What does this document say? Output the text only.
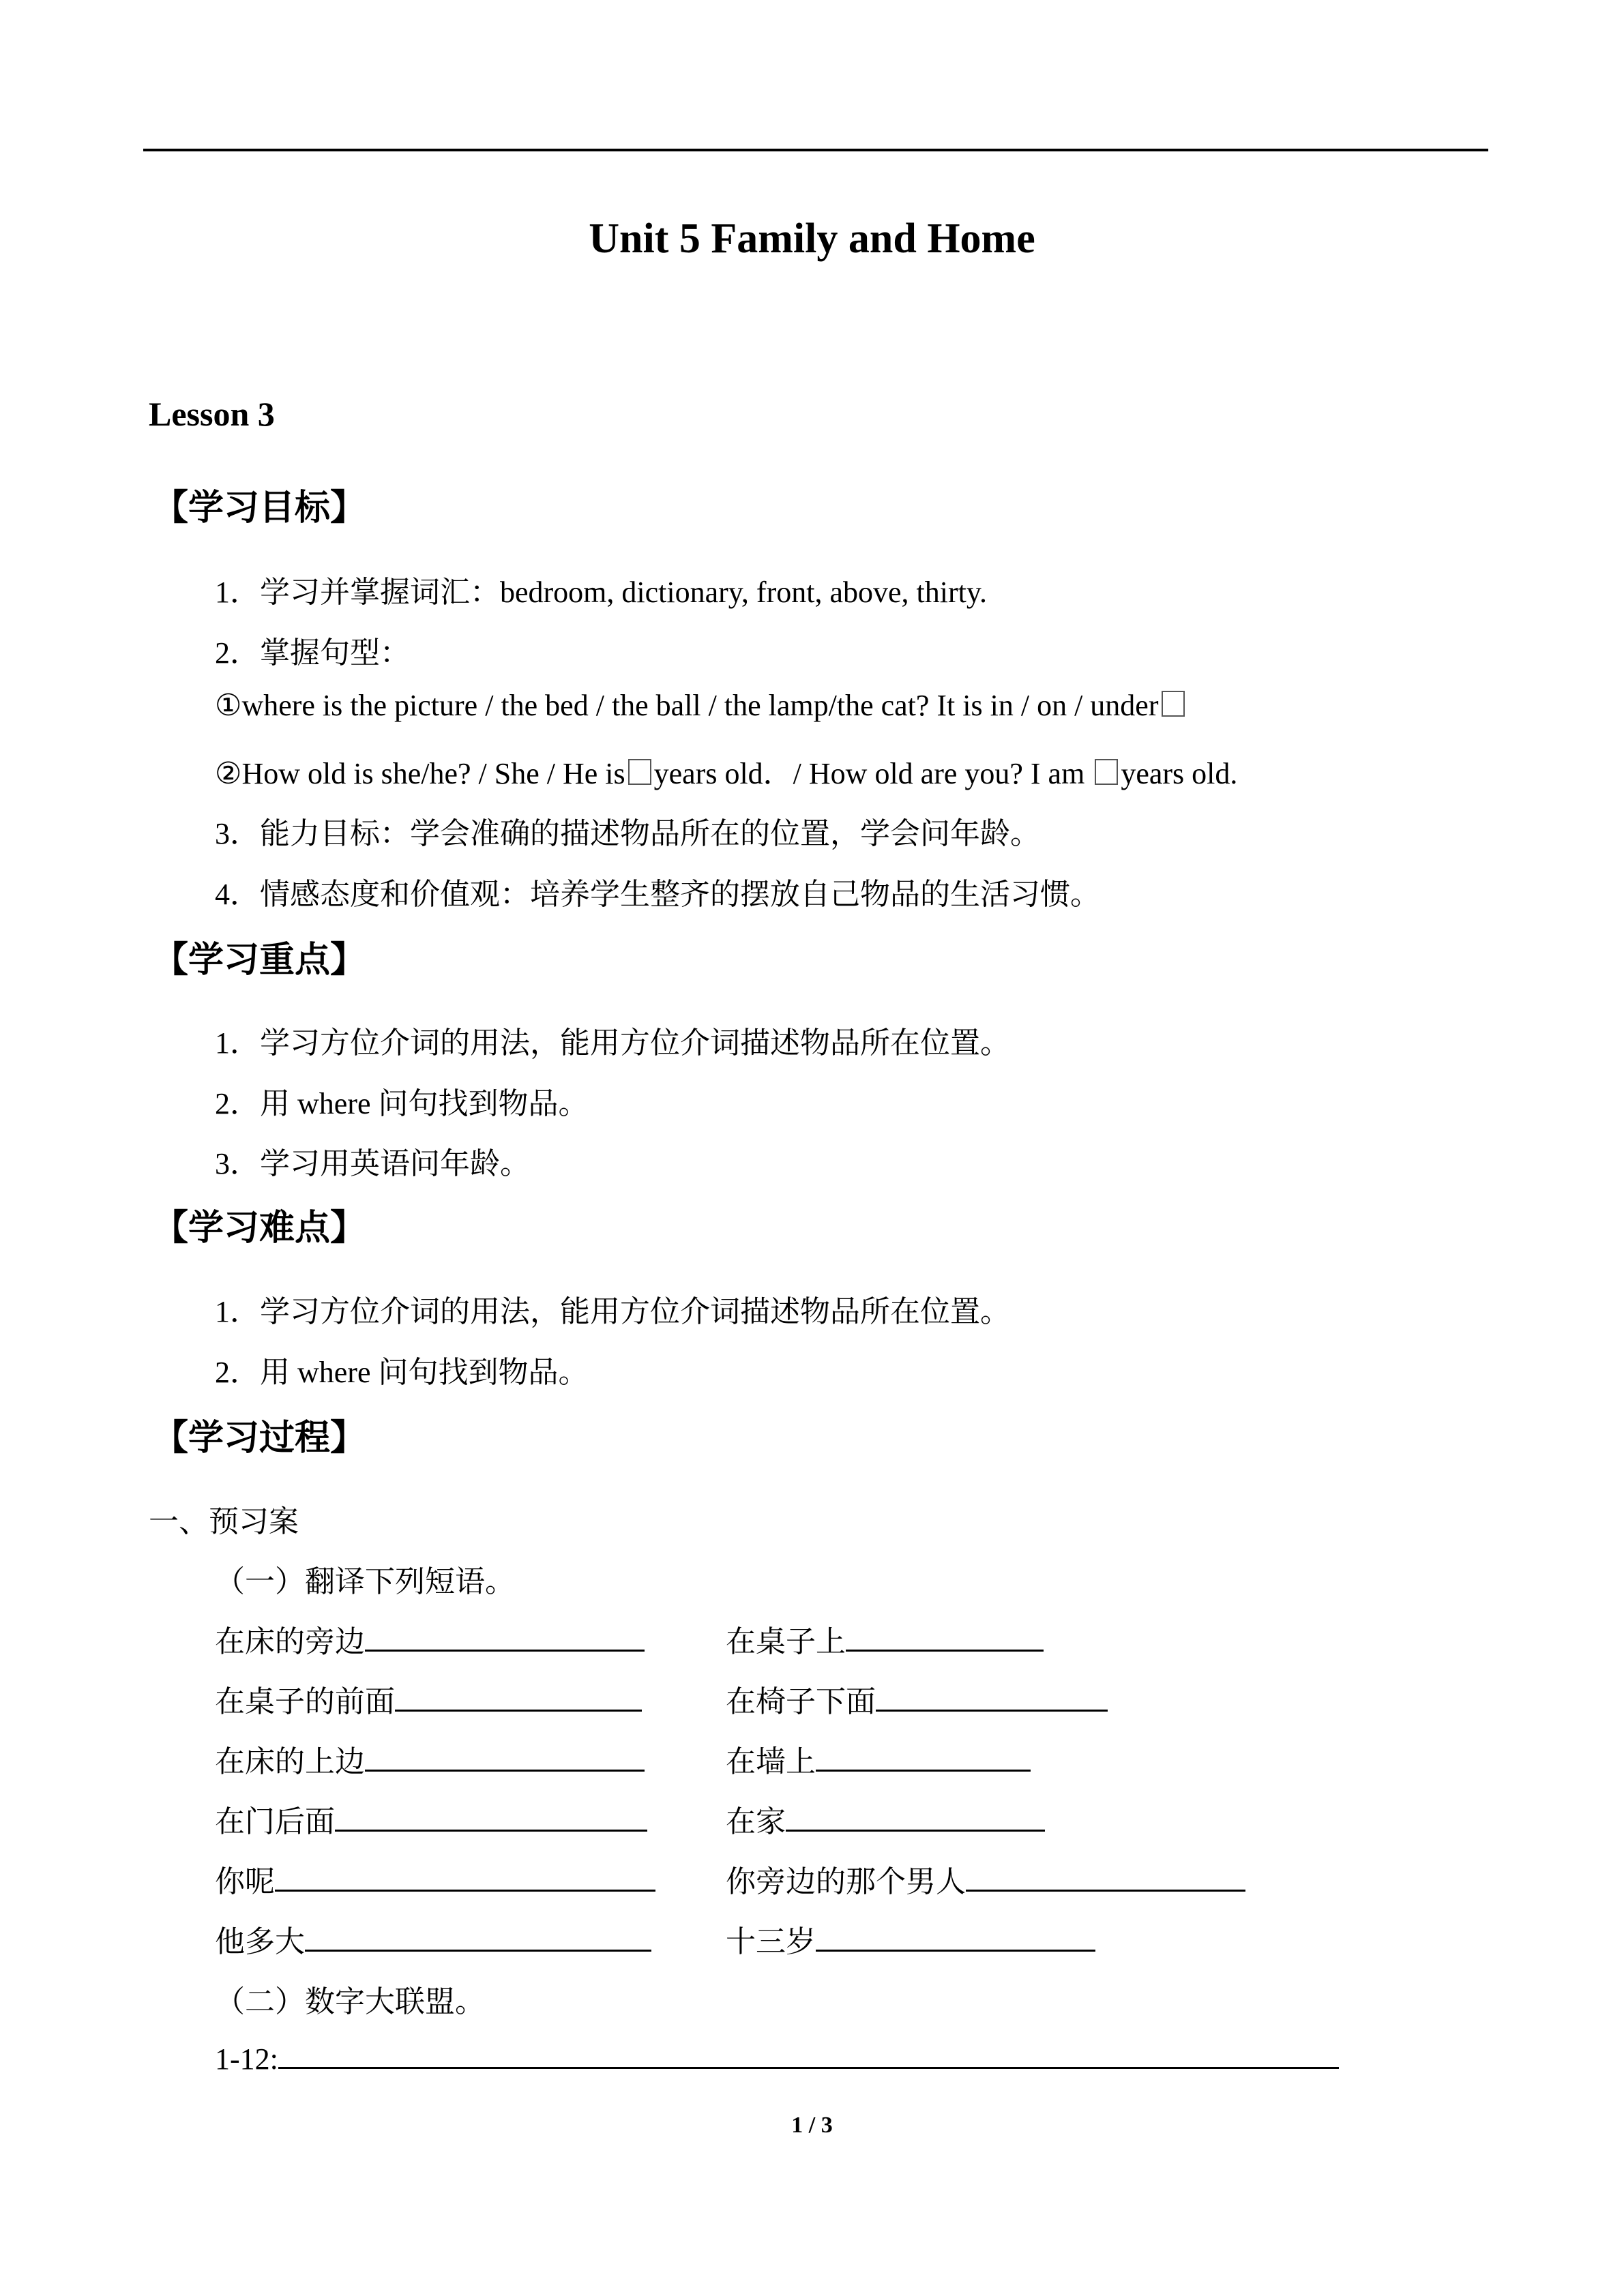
Unit 5 Family and Home
Lesson 3
【学习目标】
1．学习并掌握词汇：bedroom, dictionary, front, above, thirty.
2．掌握句型：
①where is the picture / the bed / the ball / the lamp/the cat? It is in / on / under
②How old is she/he? / She / He is years old．/ How old are you? I am years old.
3．能力目标：学会准确的描述物品所在的位置，学会问年龄。
4．情感态度和价值观：培养学生整齐的摆放自己物品的生活习惯。
【学习重点】
1．学习方位介词的用法，能用方位介词描述物品所在位置。
2．用 where 问句找到物品。
3．学习用英语问年龄。
【学习难点】
1．学习方位介词的用法，能用方位介词描述物品所在位置。
2．用 where 问句找到物品。
【学习过程】
一、预习案
（一）翻译下列短语。
在床的旁边
在桌子的前面
在床的上边
在门后面
你呢
他多大
在桌子上
在椅子下面
在墙上
在家
你旁边的那个男人
十三岁
（二）数字大联盟。
1-12:
1 / 3
